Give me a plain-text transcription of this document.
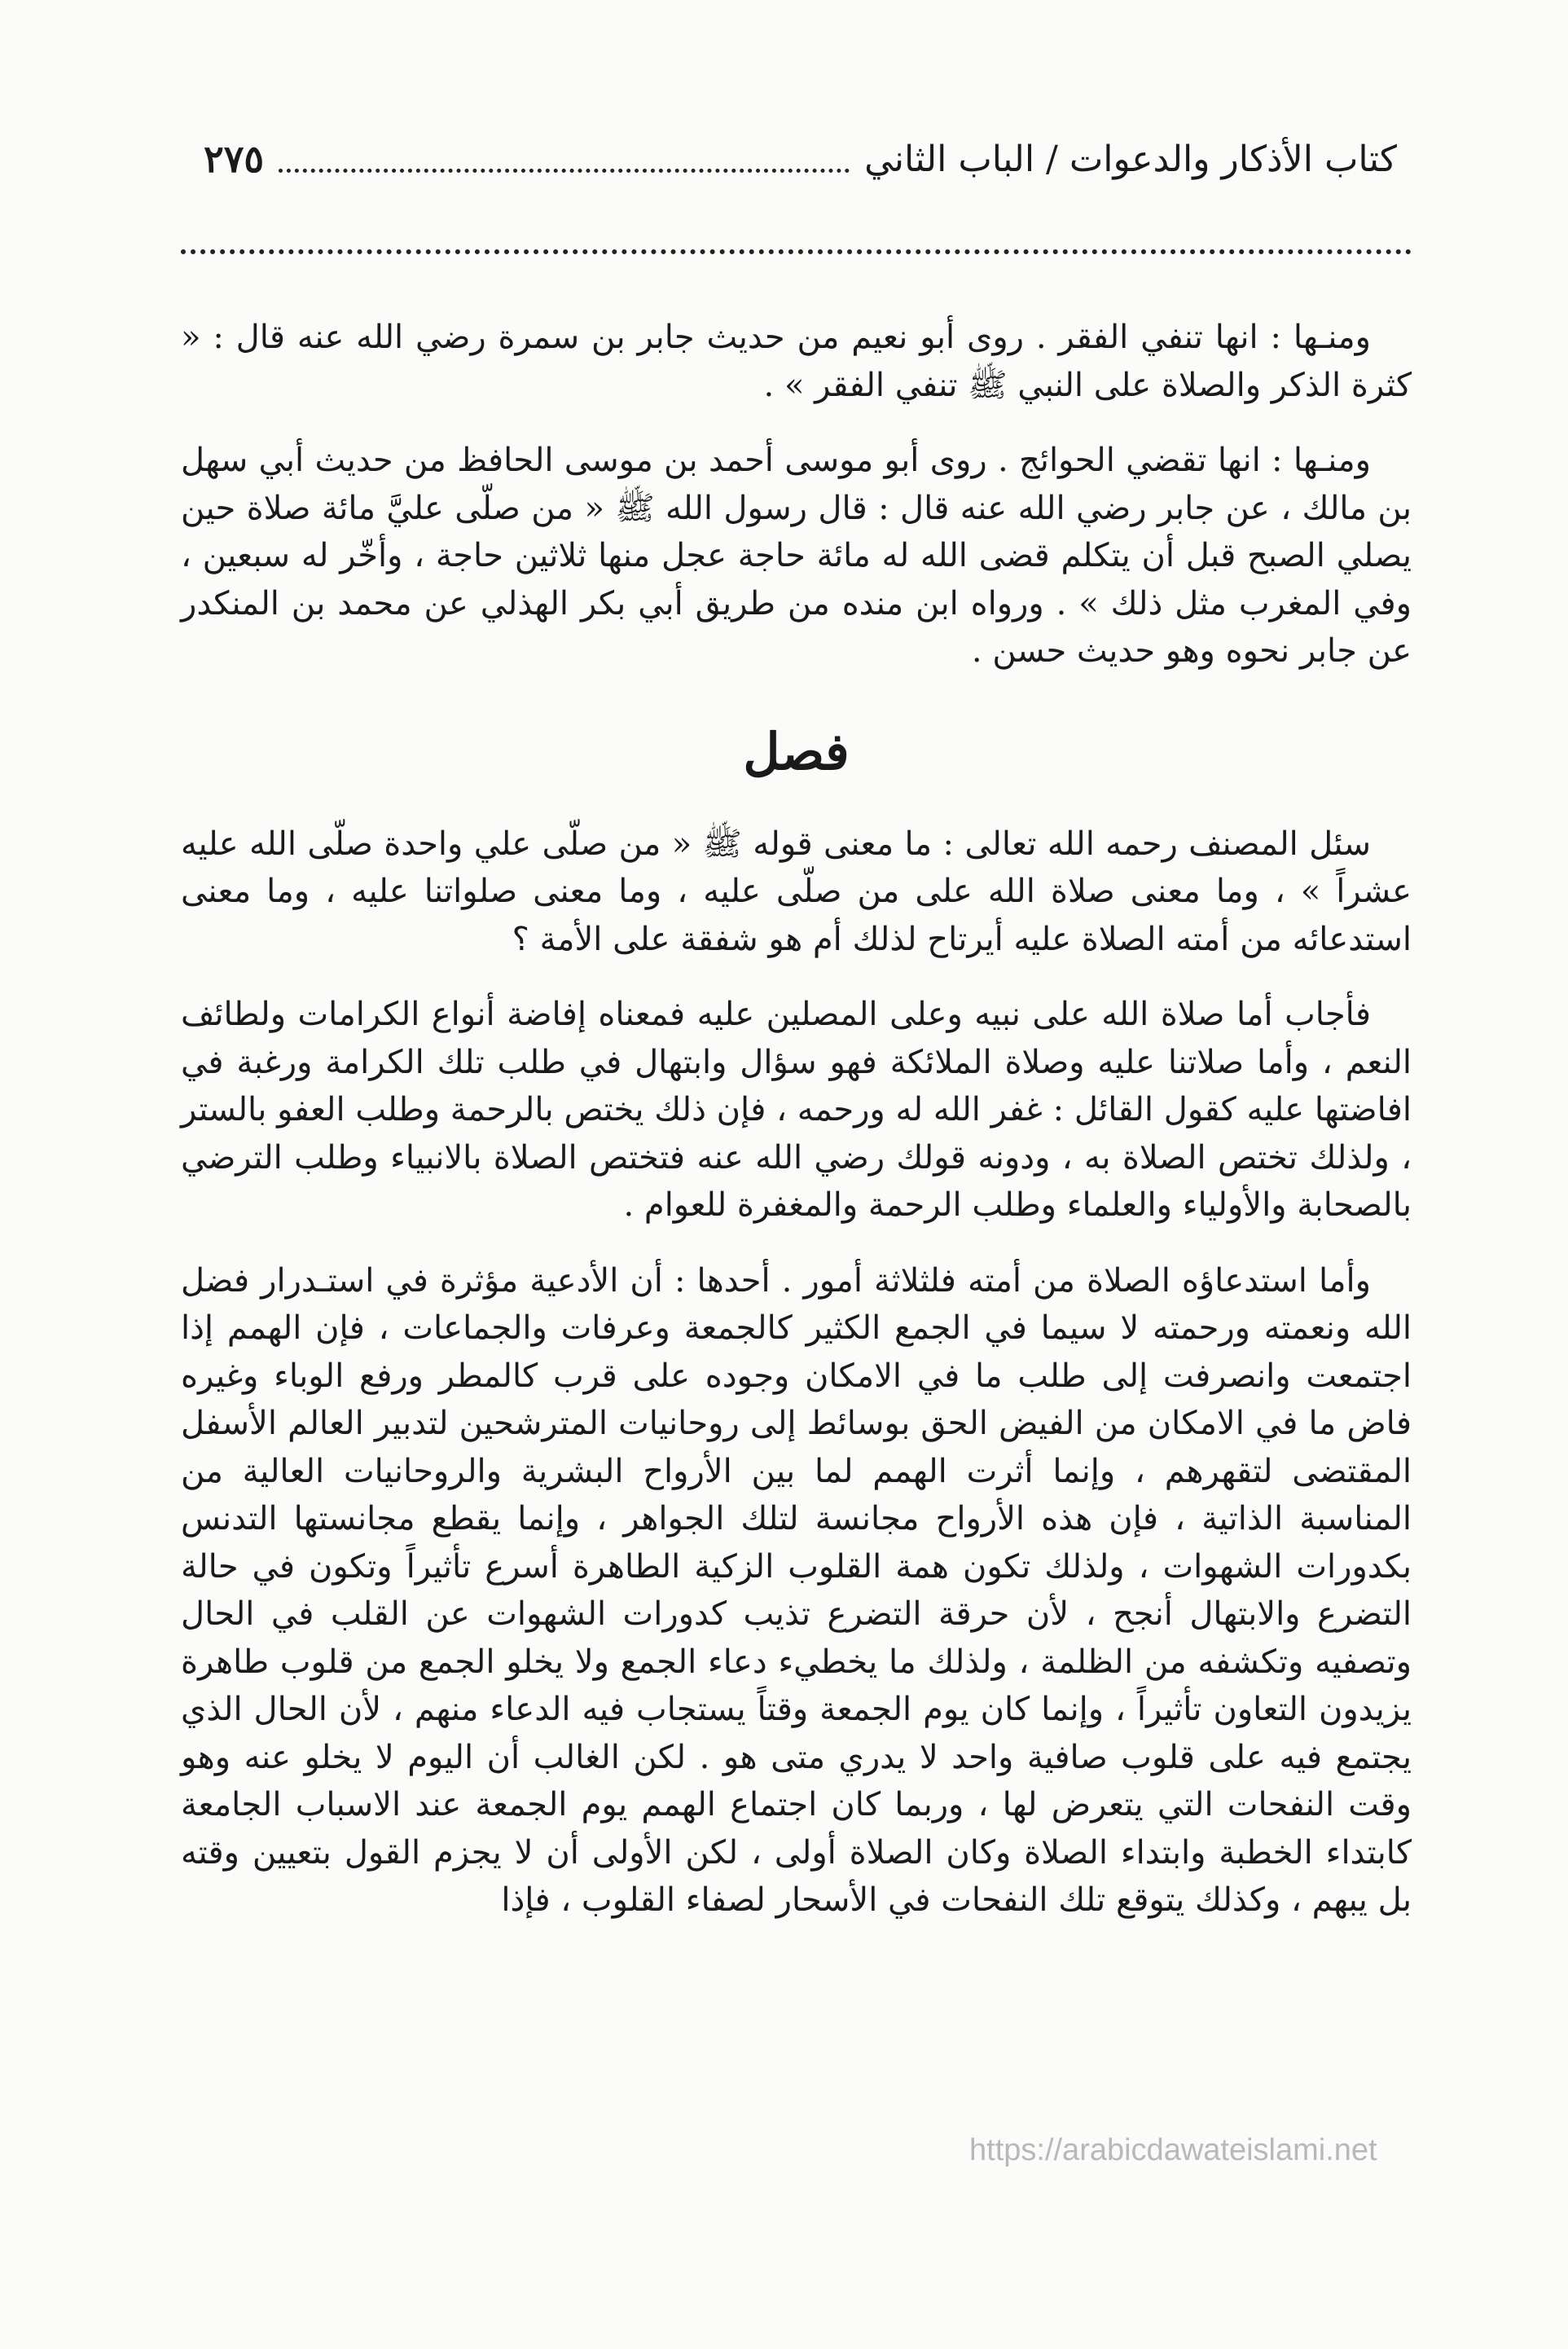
كتاب الأذكار والدعوات / الباب الثاني
٢٧٥

ومنـها : انها تنفي الفقر . روى أبو نعيم من حديث جابر بن سمرة رضي الله عنه قال : « كثرة الذكر والصلاة على النبي ﷺ تنفي الفقر » .

ومنـها : انها تقضي الحوائج . روى أبو موسى أحمد بن موسى الحافظ من حديث أبي سهل بن مالك ، عن جابر رضي الله عنه قال : قال رسول الله ﷺ « من صلّى عليَّ مائة صلاة حين يصلي الصبح قبل أن يتكلم قضى الله له مائة حاجة عجل منها ثلاثين حاجة ، وأخّر له سبعين ، وفي المغرب مثل ذلك » . ورواه ابن منده من طريق أبي بكر الهذلي عن محمد بن المنكدر عن جابر نحوه وهو حديث حسن .

فصل

سئل المصنف رحمه الله تعالى : ما معنى قوله ﷺ « من صلّى علي واحدة صلّى الله عليه عشراً » ، وما معنى صلاة الله على من صلّى عليه ، وما معنى صلواتنا عليه ، وما معنى استدعائه من أمته الصلاة عليه أيرتاح لذلك أم هو شفقة على الأمة ؟

فأجاب أما صلاة الله على نبيه وعلى المصلين عليه فمعناه إفاضة أنواع الكرامات ولطائف النعم ، وأما صلاتنا عليه وصلاة الملائكة فهو سؤال وابتهال في طلب تلك الكرامة ورغبة في افاضتها عليه كقول القائل : غفر الله له ورحمه ، فإن ذلك يختص بالرحمة وطلب العفو بالستر ، ولذلك تختص الصلاة به ، ودونه قولك رضي الله عنه فتختص الصلاة بالانبياء وطلب الترضي بالصحابة والأولياء والعلماء وطلب الرحمة والمغفرة للعوام .

وأما استدعاؤه الصلاة من أمته فلثلاثة أمور . أحدها : أن الأدعية مؤثرة في استـدرار فضل الله ونعمته ورحمته لا سيما في الجمع الكثير كالجمعة وعرفات والجماعات ، فإن الهمم إذا اجتمعت وانصرفت إلى طلب ما في الامكان وجوده على قرب كالمطر ورفع الوباء وغيره فاض ما في الامكان من الفيض الحق بوسائط إلى روحانيات المترشحين لتدبير العالم الأسفل المقتضى لتقهرهم ، وإنما أثرت الهمم لما بين الأرواح البشرية والروحانيات العالية من المناسبة الذاتية ، فإن هذه الأرواح مجانسة لتلك الجواهر ، وإنما يقطع مجانستها التدنس بكدورات الشهوات ، ولذلك تكون همة القلوب الزكية الطاهرة أسرع تأثيراً وتكون في حالة التضرع والابتهال أنجح ، لأن حرقة التضرع تذيب كدورات الشهوات عن القلب في الحال وتصفيه وتكشفه من الظلمة ، ولذلك ما يخطيء دعاء الجمع ولا يخلو الجمع من قلوب طاهرة يزيدون التعاون تأثيراً ، وإنما كان يوم الجمعة وقتاً يستجاب فيه الدعاء منهم ، لأن الحال الذي يجتمع فيه على قلوب صافية واحد لا يدري متى هو . لكن الغالب أن اليوم لا يخلو عنه وهو وقت النفحات التي يتعرض لها ، وربما كان اجتماع الهمم يوم الجمعة عند الاسباب الجامعة كابتداء الخطبة وابتداء الصلاة وكان الصلاة أولى ، لكن الأولى أن لا يجزم القول بتعيين وقته بل يبهم ، وكذلك يتوقع تلك النفحات في الأسحار لصفاء القلوب ، فإذا

https://arabicdawateislami.net
